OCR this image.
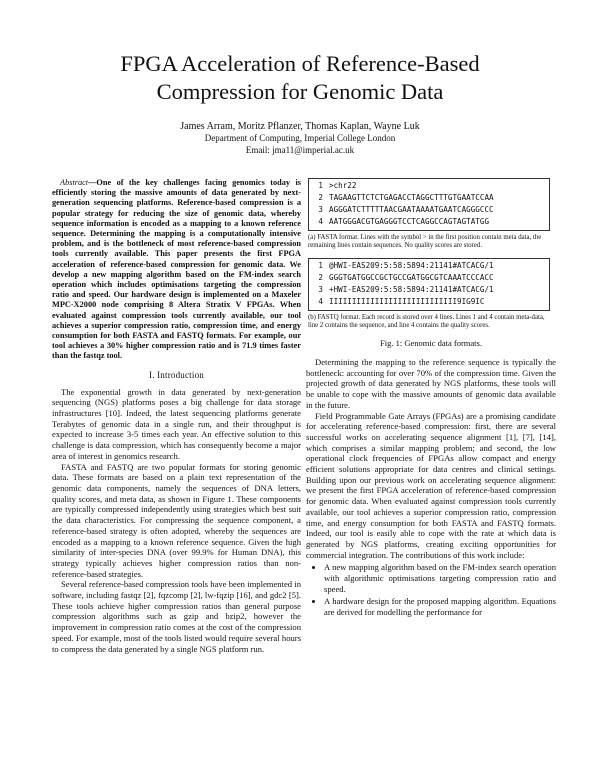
FPGA Acceleration of Reference-Based
Compression for Genomic Data
James Arram, Moritz Pflanzer, Thomas Kaplan, Wayne Luk
Department of Computing, Imperial College London
Email: jma11@imperial.ac.uk

Abstract—One of the key challenges facing genomics today is efficiently storing the massive amounts of data generated by next-generation sequencing platforms. Reference-based compression is a popular strategy for reducing the size of genomic data, whereby sequence information is encoded as a mapping to a known reference sequence. Determining the mapping is a computationally intensive problem, and is the bottleneck of most reference-based compression tools currently available. This paper presents the first FPGA acceleration of reference-based compression for genomic data. We develop a new mapping algorithm based on the FM-index search operation which includes optimisations targeting the compression ratio and speed. Our hardware design is implemented on a Maxeler MPC-X2000 node comprising 8 Altera Stratix V FPGAs. When evaluated against compression tools currently available, our tool achieves a superior compression ratio, compression time, and energy consumption for both FASTA and FASTQ formats. For example, our tool achieves a 30% higher compression ratio and is 71.9 times faster than the fastqz tool.

I. Introduction

The exponential growth in data generated by next-generation sequencing (NGS) platforms poses a big challenge for data storage infrastructures [10]. Indeed, the latest sequencing platforms generate Terabytes of genomic data in a single run, and their throughput is expected to increase 3-5 times each year. An effective solution to this challenge is data compression, which has consequently become a major area of interest in genomics research.

FASTA and FASTQ are two popular formats for storing genomic data. These formats are based on a plain text representation of the genomic data components, namely the sequences of DNA letters, quality scores, and meta data, as shown in Figure 1. These components are typically compressed independently using strategies which best suit the data characteristics. For compressing the sequence component, a reference-based strategy is often adopted, whereby the sequences are encoded as a mapping to a known reference sequence. Given the high similarity of inter-species DNA (over 99.9% for Human DNA), this strategy typically achieves higher compression ratios than non-reference-based strategies.

Several reference-based compression tools have been implemented in software, including fastqz [2], fqzcomp [2], lw-fqzip [16], and gdc2 [5]. These tools achieve higher compression ratios than general purpose compression algorithms such as gzip and bzip2, however the improvement in compression ratio comes at the cost of the compression speed. For example, most of the tools listed would require several hours to compress the data generated by a single NGS platform run.

1 >chr22
2 TAGAAGTTCTCTGAGACCTAGGCTTTGTGAATCCAA
3 AGGGATCTTTTTAACGAATAAAATGAATCAGGGCCC
4 AATGGGACGTGAGGGTCCTCAGGCCAGTAGTATGG
(a) FASTA format. Lines with the symbol > in the first position contain meta data, the remaining lines contain sequences. No quality scores are stored.
1 @HWI-EAS209:5:58:5894:21141#ATCACG/1
2 GGGTGATGGCCGCTGCCGATGGCGTCAAATCCCACC
3 +HWI-EAS209:5:58:5894:21141#ATCACG/1
4 IIIIIIIIIIIIIIIIIIIIIIIIIIII9IG9IC
(b) FASTQ format. Each record is stored over 4 lines. Lines 1 and 4 contain meta-data, line 2 contains the sequence, and line 4 contains the quality scores.
Fig. 1: Genomic data formats.

Determining the mapping to the reference sequence is typically the bottleneck: accounting for over 70% of the compression time. Given the projected growth of data generated by NGS platforms, these tools will be unable to cope with the massive amounts of genomic data available in the future.

Field Programmable Gate Arrays (FPGAs) are a promising candidate for accelerating reference-based compression: first, there are several successful works on accelerating sequence alignment [1], [7], [14], which comprises a similar mapping problem; and second, the low operational clock frequencies of FPGAs allow compact and energy efficient solutions appropriate for data centres and clinical settings. Building upon our previous work on accelerating sequence alignment: we present the first FPGA acceleration of reference-based compression for genomic data. When evaluated against compression tools currently available, our tool achieves a superior compression ratio, compression time, and energy consumption for both FASTA and FASTQ formats. Indeed, our tool is easily able to cope with the rate at which data is generated by NGS platforms, creating exciting opportunities for commercial integration. The contributions of this work include:

• A new mapping algorithm based on the FM-index search operation with algorithmic optimisations targeting compression ratio and speed.
• A hardware design for the proposed mapping algorithm. Equations are derived for modelling the performance for
